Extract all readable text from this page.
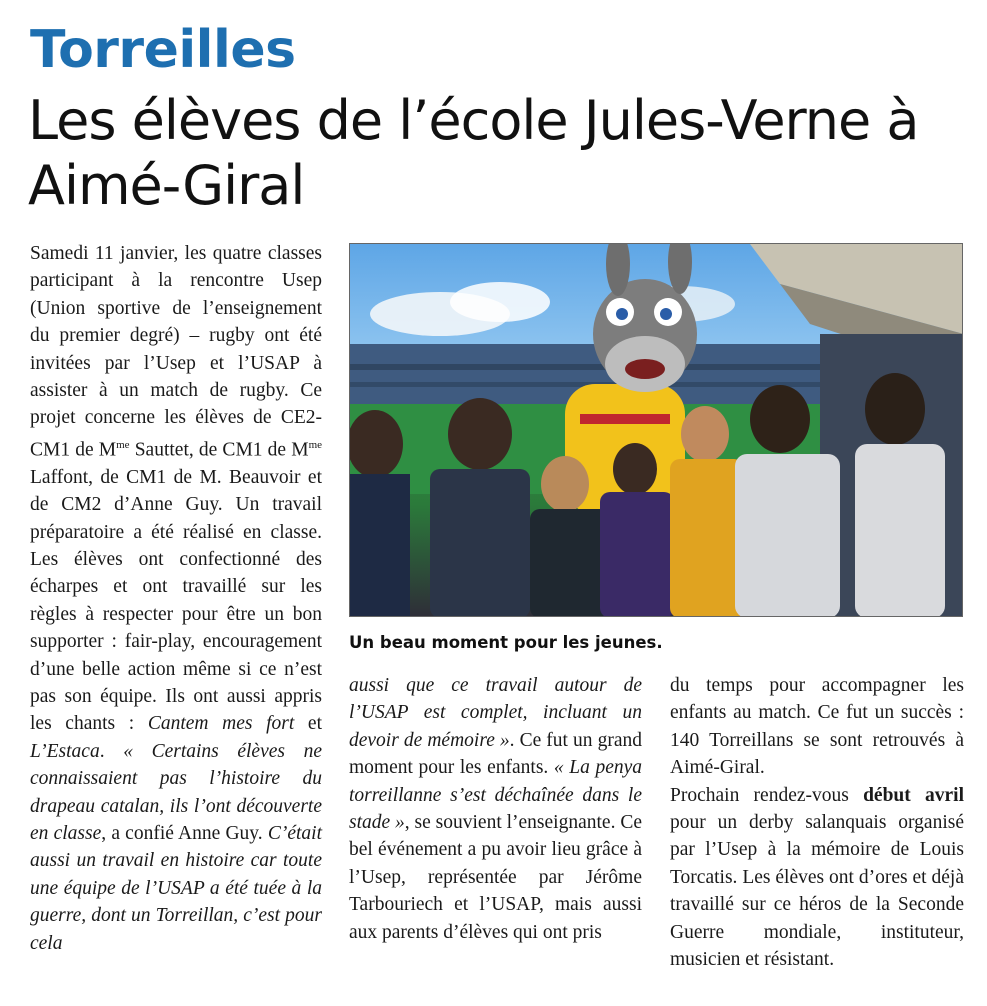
Torreilles
Les élèves de l’école Jules-Verne à Aimé-Giral

Samedi 11 janvier, les quatre classes participant à la rencontre Usep (Union sportive de l’enseignement du premier degré) – rugby ont été invitées par l’Usep et l’USAP à assister à un match de rugby. Ce projet concerne les élèves de CE2-CM1 de $M^{me}$ Sauttet, de CM1 de $M^{me}$ Laffont, de CM1 de M. Beauvoir et de CM2 d’Anne Guy. Un travail préparatoire a été réalisé en classe. Les élèves ont confectionné des écharpes et ont travaillé sur les règles à respecter pour être un bon supporter : fair-play, encouragement d’une belle action même si ce n’est pas son équipe. Ils ont aussi appris les chants : Cantem mes fort et L’Estaca. « Certains élèves ne connaissaient pas l’histoire du drapeau catalan, ils l’ont découverte en classe, a confié Anne Guy. C’était aussi un travail en histoire car toute une équipe de l’USAP a été tuée à la guerre, dont un Torreillan, c’est pour cela

Un beau moment pour les jeunes.

aussi que ce travail autour de l’USAP est complet, incluant un devoir de mémoire ». Ce fut un grand moment pour les enfants. « La penya torreillanne s’est déchaînée dans le stade », se souvient l’enseignante. Ce bel événement a pu avoir lieu grâce à l’Usep, représentée par Jérôme Tarbouriech et l’USAP, mais aussi aux parents d’élèves qui ont pris

du temps pour accompagner les enfants au match. Ce fut un succès : 140 Torreillans se sont retrouvés à Aimé-Giral.

Prochain rendez-vous début avril pour un derby salanquais organisé par l’Usep à la mémoire de Louis Torcatis. Les élèves ont d’ores et déjà travaillé sur ce héros de la Seconde Guerre mondiale, instituteur, musicien et résistant.
